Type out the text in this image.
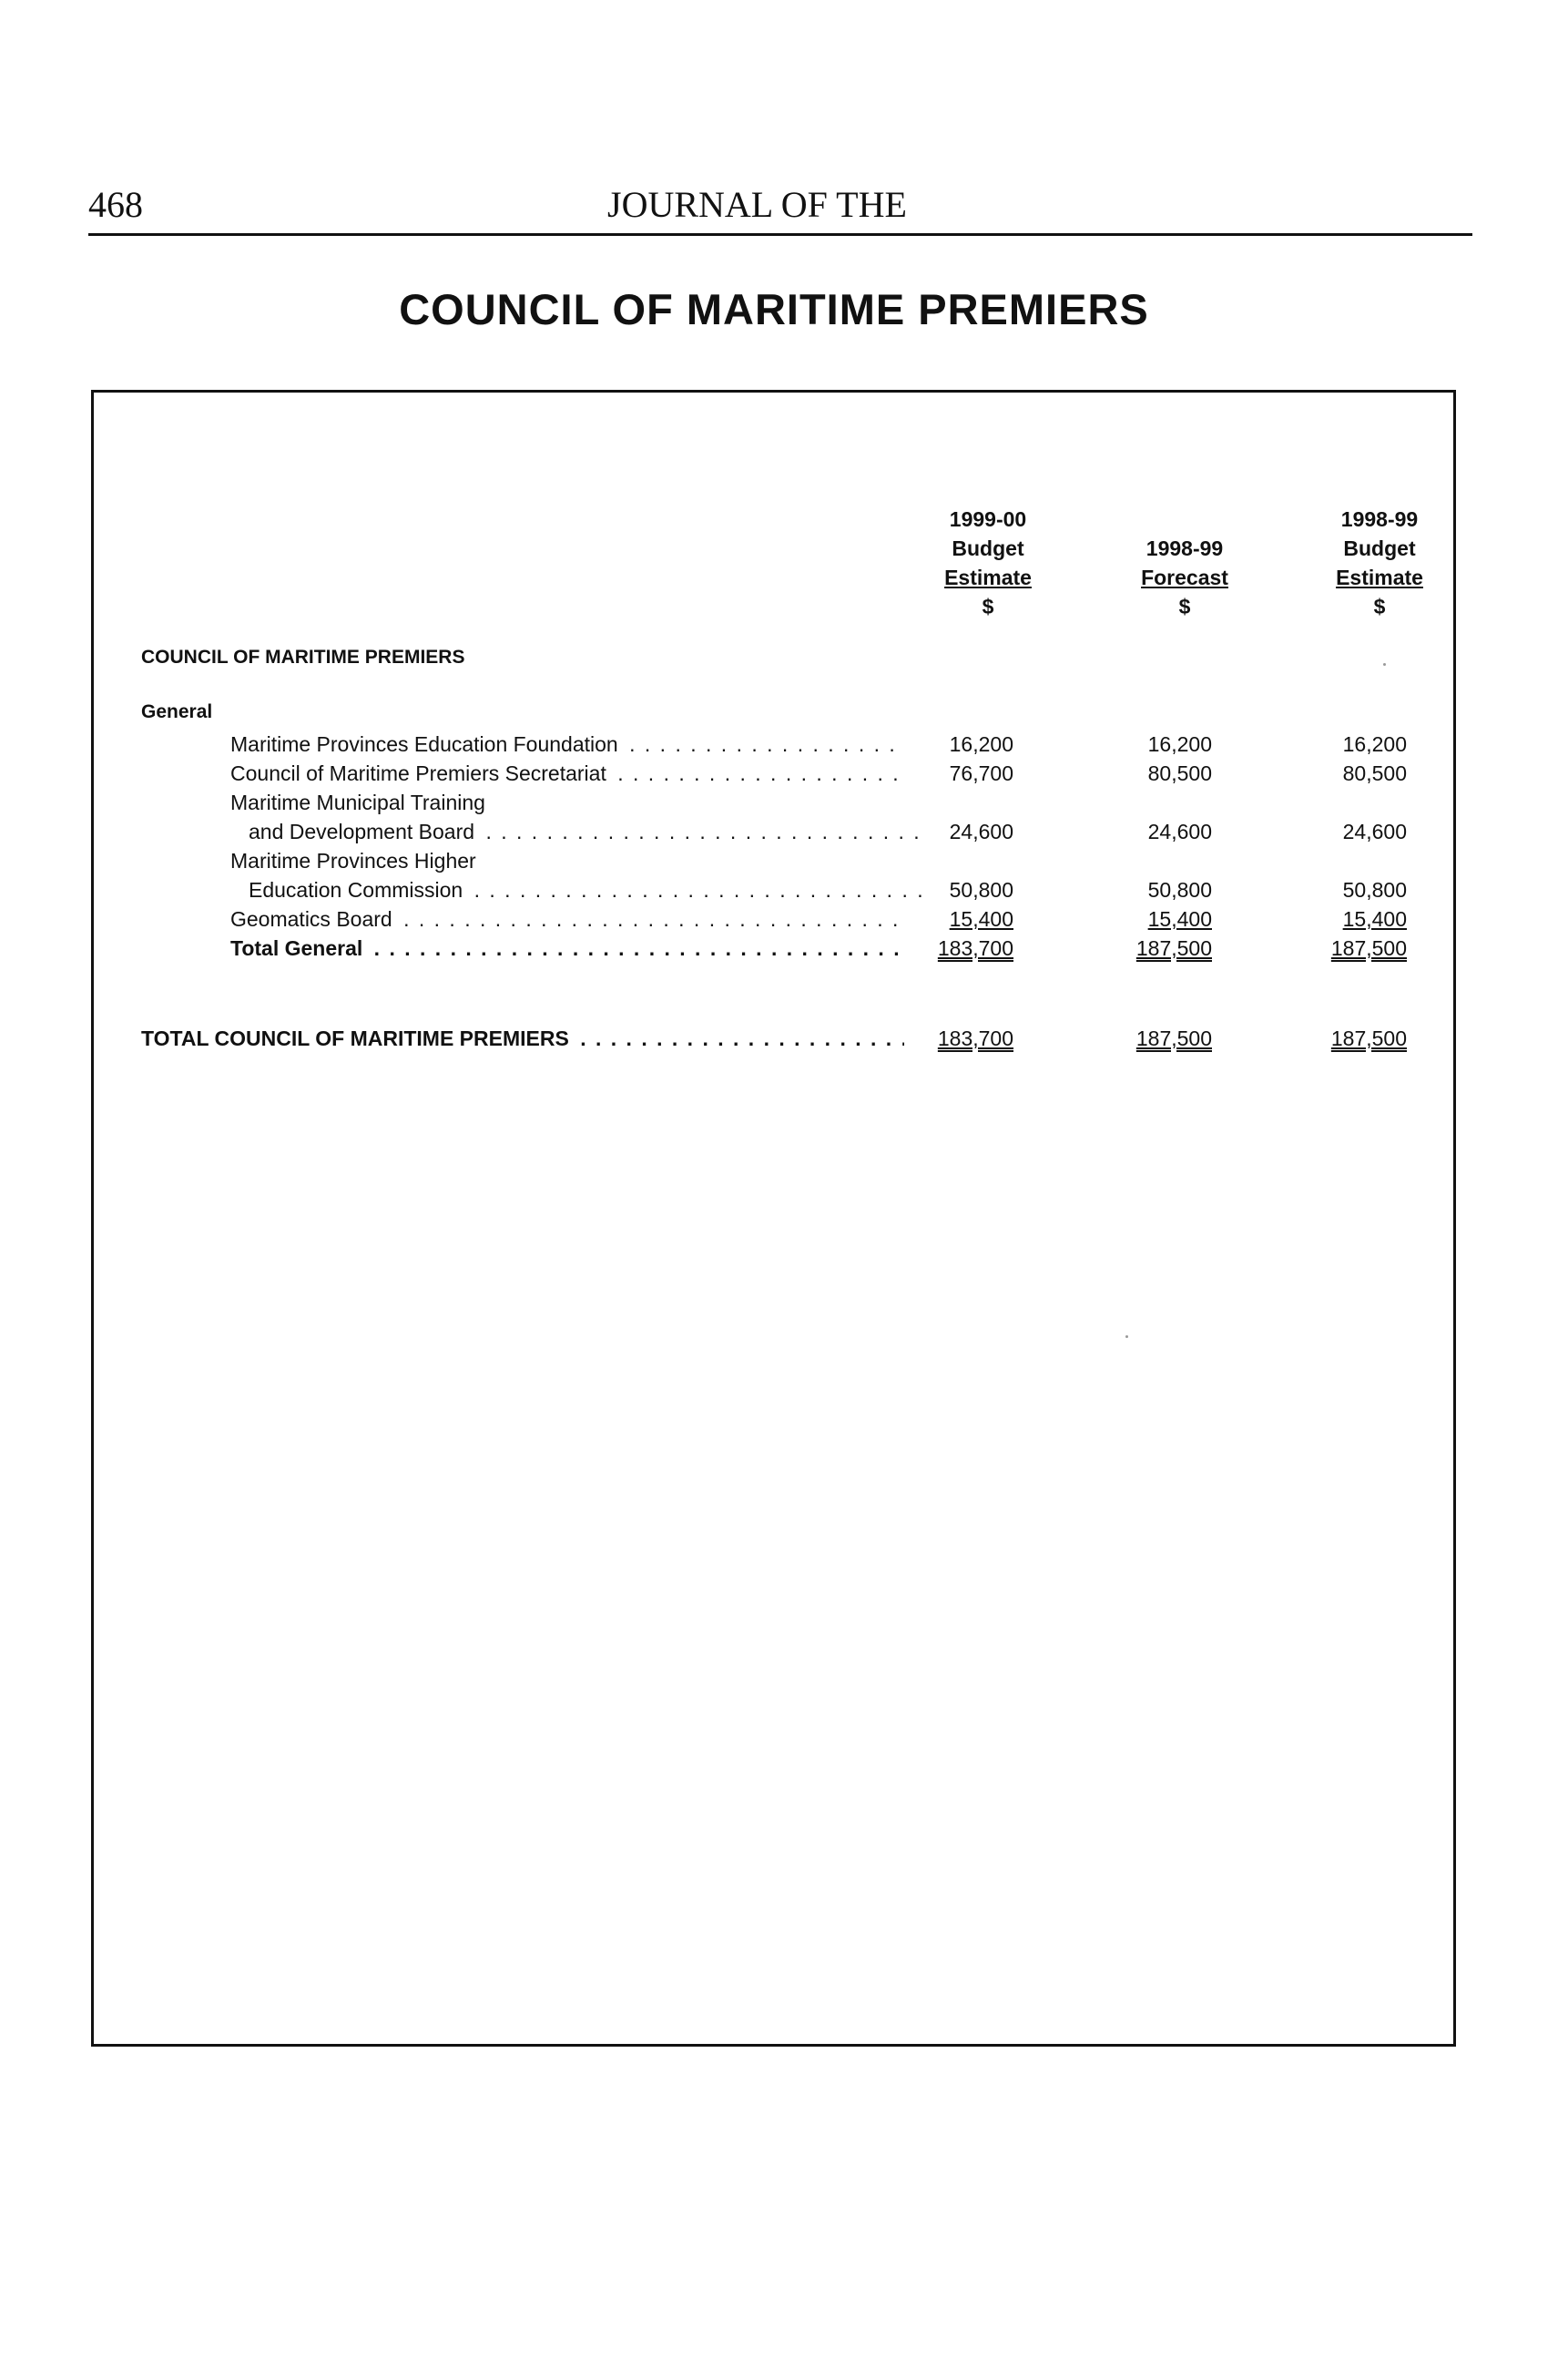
468	JOURNAL OF THE
COUNCIL OF MARITIME PREMIERS
1999-00
Budget
Estimate
$

1998-99
Forecast
$
1998-99
Budget
Estimate
$
COUNCIL OF MARITIME PREMIERS
General
Maritime Provinces Education Foundation . . .	16,200	16,200	16,200
Council of Maritime Premiers Secretariat . . .	76,700	80,500	80,500
Maritime Municipal Training
and Development Board . . .	24,600	24,600	24,600
Maritime Provinces Higher
Education Commission . . .	50,800	50,800	50,800
Geomatics Board . . .	15,400	15,400	15,400
Total General . . .	183,700	187,500	187,500
TOTAL COUNCIL OF MARITIME PREMIERS . . .	183,700	187,500	187,500
